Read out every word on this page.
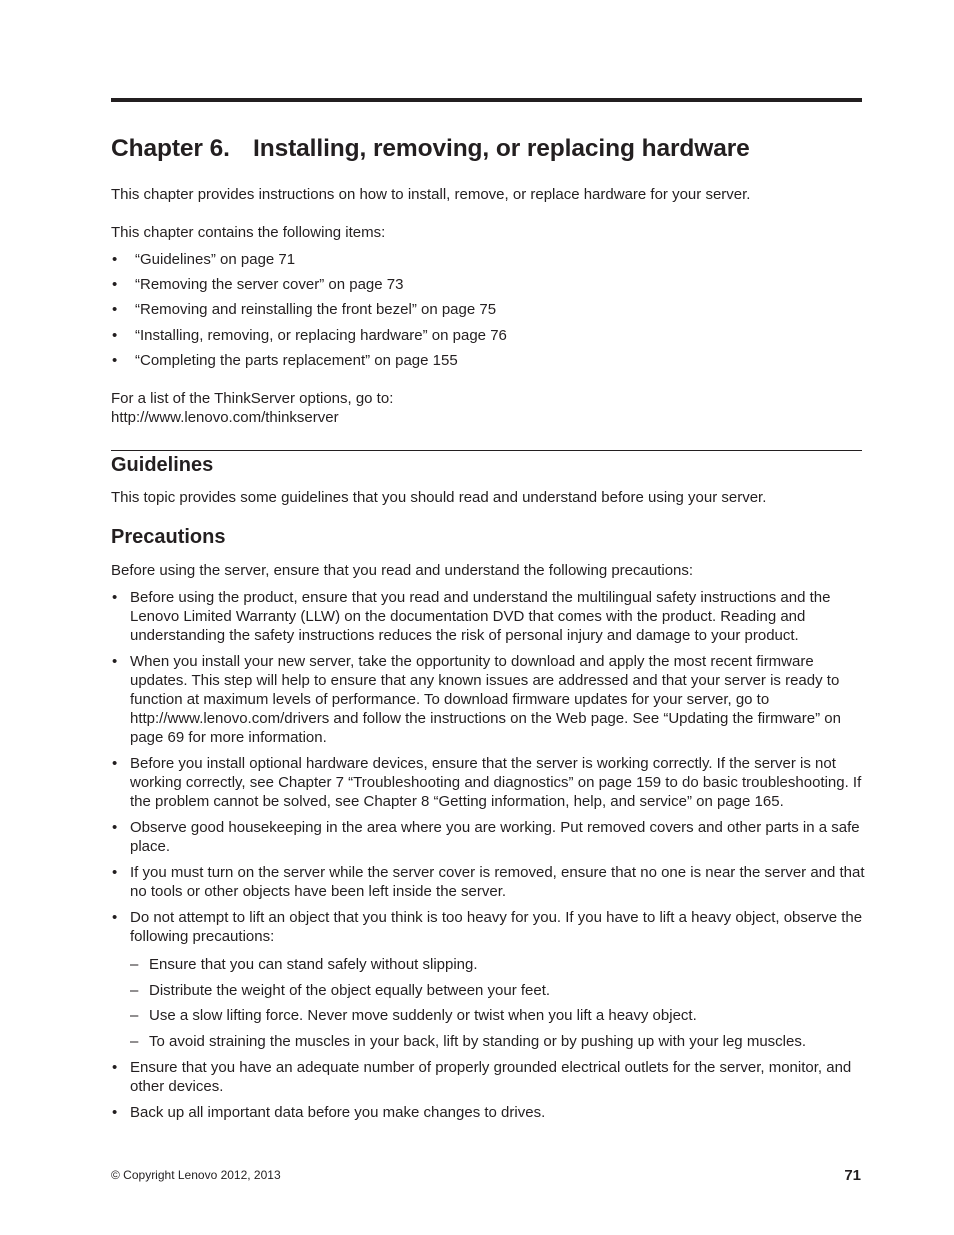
Chapter 6. Installing, removing, or replacing hardware

This chapter provides instructions on how to install, remove, or replace hardware for your server.

This chapter contains the following items:

• “Guidelines” on page 71
• “Removing the server cover” on page 73
• “Removing and reinstalling the front bezel” on page 75
• “Installing, removing, or replacing hardware” on page 76
• “Completing the parts replacement” on page 155

For a list of the ThinkServer options, go to:

http://www.lenovo.com/thinkserver

Guidelines

This topic provides some guidelines that you should read and understand before using your server.

Precautions

Before using the server, ensure that you read and understand the following precautions:

• Before using the product, ensure that you read and understand the multilingual safety instructions and the Lenovo Limited Warranty (LLW) on the documentation DVD that comes with the product. Reading and understanding the safety instructions reduces the risk of personal injury and damage to your product.
• When you install your new server, take the opportunity to download and apply the most recent firmware updates. This step will help to ensure that any known issues are addressed and that your server is ready to function at maximum levels of performance. To download firmware updates for your server, go to http://www.lenovo.com/drivers and follow the instructions on the Web page. See “Updating the firmware” on page 69 for more information.
• Before you install optional hardware devices, ensure that the server is working correctly. If the server is not working correctly, see Chapter 7 “Troubleshooting and diagnostics” on page 159 to do basic troubleshooting. If the problem cannot be solved, see Chapter 8 “Getting information, help, and service” on page 165.
• Observe good housekeeping in the area where you are working. Put removed covers and other parts in a safe place.
• If you must turn on the server while the server cover is removed, ensure that no one is near the server and that no tools or other objects have been left inside the server.
• Do not attempt to lift an object that you think is too heavy for you. If you have to lift a heavy object, observe the following precautions:
– Ensure that you can stand safely without slipping.
– Distribute the weight of the object equally between your feet.
– Use a slow lifting force. Never move suddenly or twist when you lift a heavy object.
– To avoid straining the muscles in your back, lift by standing or by pushing up with your leg muscles.
• Ensure that you have an adequate number of properly grounded electrical outlets for the server, monitor, and other devices.
• Back up all important data before you make changes to drives.

© Copyright Lenovo 2012, 2013	71
